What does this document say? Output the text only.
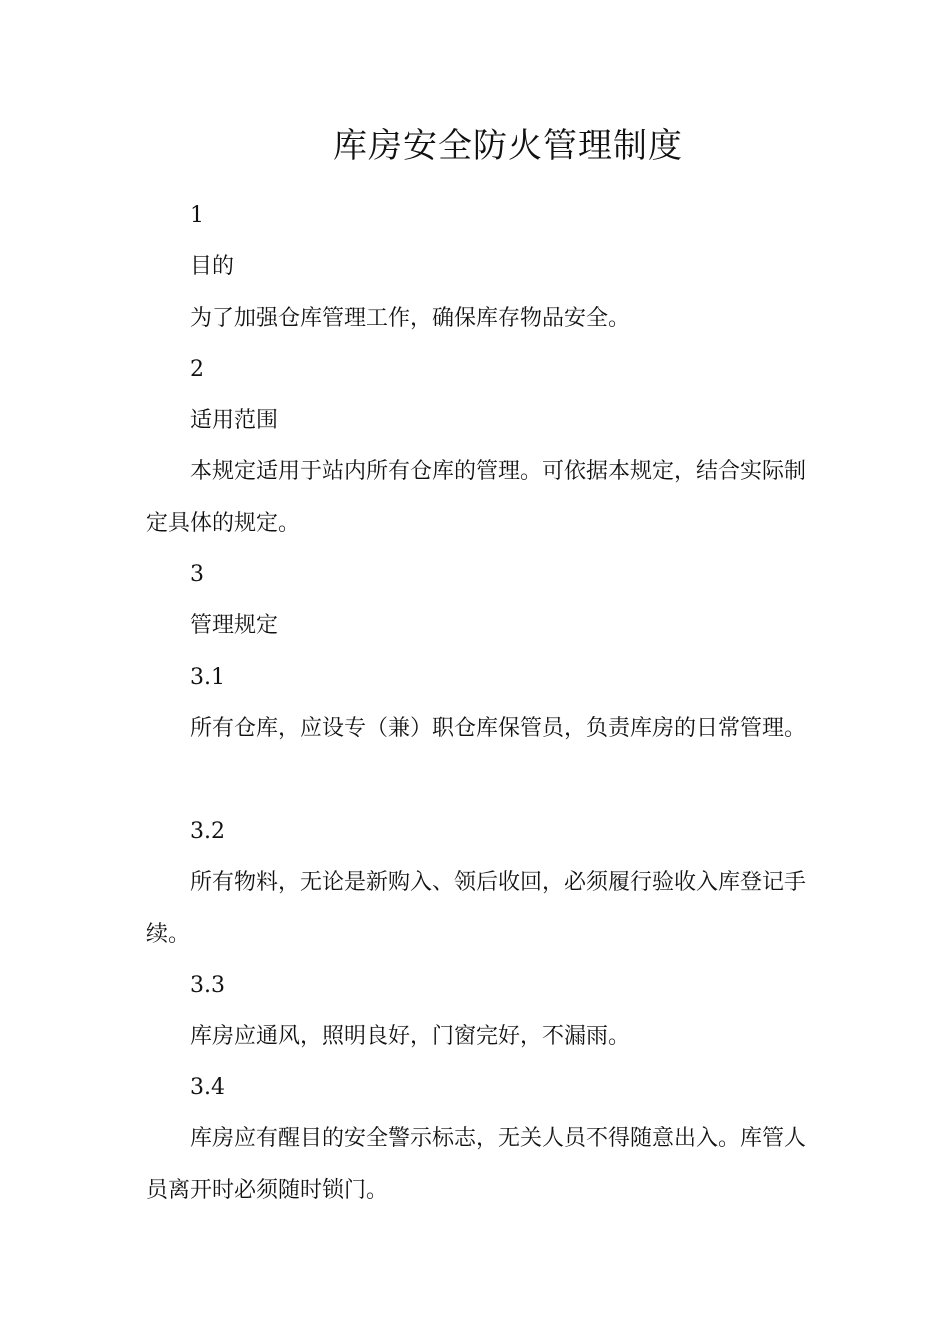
库房安全防火管理制度
1
目的
为了加强仓库管理工作，确保库存物品安全。
2
适用范围
本规定适用于站内所有仓库的管理。可依据本规定，结合实际制定具体的规定。
3
管理规定
3.1
所有仓库，应设专（兼）职仓库保管员，负责库房的日常管理。
3.2
所有物料，无论是新购入、领后收回，必须履行验收入库登记手续。
3.3
库房应通风，照明良好，门窗完好，不漏雨。
3.4
库房应有醒目的安全警示标志，无关人员不得随意出入。库管人员离开时必须随时锁门。
